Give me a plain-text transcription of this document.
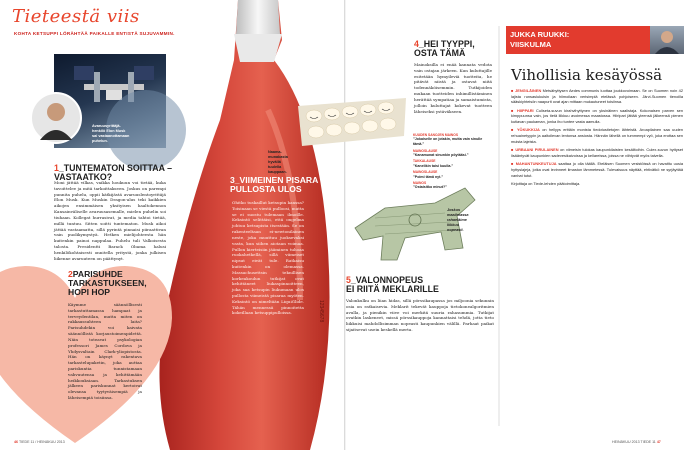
12345678
Tieteestä viis
KOHTA KETSUPPI LÖRÄHTÄÄ PAIKALLE ENTISTÄ SUJUVAMMIN.
Avaruusyrittäjä-
henkilö Elon Musk
sai vastaanottamaan
puhelun.
1_TUNTEMATON SOITTAA –
VASTAATKO?
Moni jättää vilkas, vaikka houkuun voi tietää, kuka tavoittelee ja mitä tarkoittakseen. Joskus on parempi punnita puhelu, oppii kätkijästä avaruuslentoyrittäjä Elon Musk. Kun Muskin Dragon-alus teki kaikkien aikojen ensimmäisen yksityisen haaltokennon Kansainväliselle avaruusasemalle, mielen puhelin soi tiuhaan. Kollegat hurrasivat, ja media tahtoi tietää, millä tuntuu. Sitten soitti tuntematon. Musk aikoi jättää vastaamatta, sillä pyrintä pinnaisi piiraattivan vain puolikymystyä. Hetken mielijohteesta hän kuitenkin painoi nappulaa. Puhelu tuli Valkoisesta talosta. Presidentti Barack Obama halusi henkilökohtaisesti onnitella yritystä, jonka julkisen liikenne avaruuteen on päättynyt.
2PARISUHDE
TARKASTUKSEEN,
HOPI HOP
Käymme säännöllisesti tarkastuttamassa hampaat ja terveydentilan, mutta miten on rakkaussuhteen laita? Parisuhdekin voi kaivata säännöllistä korjaustoimenpidettä. Näin toteavat psykologian professori James Cordova ja Yhdysvaltain Clark-yliopistosta. Hän on käynyt rakentava tarkastelupaketin, joka auttaa pariskuntia tunnistamaan vahvuutensa ja kehittämään heikkouksiaan. Tarkastuksen jälkeen pariskunnat kertoivat olevansa tyytyväisempiä ja läheisempiä toisiinsa.
3_VIIMEINEN PISARA
PULLOSTA ULOS
Ohitko tuskaillut ketsupin kanssa? Toisinaan se viestä pulloosi, mutta se ei suostu tulemaan ilmoille. Keksintö selittäisi, että ongelma johtuu ketsupista itsestään. Se on rakenteeltaan ei-newtonilainen neste, joka muuttuu juoksevaksi vasta, kun siihen aiotaan voimaa. Pullon kierteisiin jääminen tuhoaa ruokahetkellä, sillä viimeiset nipsut eivät tule. Ratkaisu kuitenkin on olemassa. Massachusettsin teknillisen korkeakoulun tutkijat ovat kehittäneet liukaspinnoitteen, joka saa ketsupin liukumaan ulos pullosta viimeistä pisaraa myöten. Keksintö on nimeltään LiquiGlide. Tähän mennessä pinnoitetta kokeillaan ketsuppipulloissa.
4_HEI TYYPPI,
OSTA TÄMÄ
Mainoksilla ei enää kannata vedota vain ostajan järkeen. Kun kuluttajille esitetään hymyileviä tuotteita, he pitävät niistä ja ostavat niitä todennäköisemmin. Tutkijoiden mukaan tuotteiden inhimillistäminen herättää sympatiaa ja samaistumista, jolloin kuluttajat kokevat tuotteen läheiseksi ystäväkseen.
Naama-
munakasta
hyvällä
tuulella
kauppaan.
KUUDEN SANOJEN MAINOS
”Jokaiselle on jotakin, mutta vain sinulle tämä.”
MAINOSLAUSE
”Kanamunat sinunkin pöytääsi.”
TAKKALAUSE
”Kanelikin taisi kuulla.”
MAINOSLAUSE
”Poimi tämä nyt.”
MAINOS
”Ostaisitko minut?”
Joskus
maailmassa
rahaeläime
liikkuu
nopeasti.
5_VALONNOPEUS
EI RIITÄ MEKLARILLE
Valonkulku on liian hidas, sillä pörssikaupassa jos miljoonia sekunnin osia on ratkaisevia. Meklarit tekevät kauppoja tietokonealgoritmien avulla, ja pienikin viive voi merkitä suuria rahasummia. Tutkijat ovatkin laskeneet, missä pörssikauppoja kannattaisi tehdä, jotta tieto liikkuisi mahdollisimman nopeasti kaupunkien välillä. Parhaat paikat sijaitsevat usein keskellä merta.
JUKKA RUUKKI:
VIISKULMA
Vihollisia kesäyössä

■ JENGILÄINEN Metsähyttysen Aedes communis luottaa joukkovoimaan. Se on Suomen noin 42 lajista runsaslukuisin ja hiimoilaan verisimpiä etelässä pohjoiseen. Järvi-Suomen tienoilla sääskiyhteisön naapurit ovat ajan mittaan mukautuneet toisiinsa.

■ HIIPPARI Culiseta-suvun kirahvihyttynen on yksinäinen saalistaja. Kokonaisen parven sen kimppuunsa vain, jos tietä liikkuu avoimessa maastossa. Hiiripari jättää yleensä jälkeensä pienen kutiavan paukaman, jonka iho tuntee vasta aamulla.

■ YÖKUKKIJA on hellyys erittäin monista tiedotustietojen lähteistä. Aroapilainen saa uuden rehuainetyypin ja aaltoilevan lentonsa ansiosta. Hännän lähellä on tummempi vyö, joka erottaa sen muista lajeista.

■ URBAANI PIRULAINEN on viimeisin tulokas kaupunkilaisten kesäiltoihin. Culex-suvun hyttyset lisääntyvät kaupunkien sadevesikaivoissa ja kellareissa, joissa ne viihtyvät myös talvella.

■ MAHANTUNKEUTUJA saattaa jo olla täällä. Eteläisen Suomen vesistöissä on havaittu uusia hyttyslajeja, jotka ovat levinneet ilmaston lämmetessä. Tulevaisuus näyttää, ehtivätkö ne syrjäyttää vanhat tutut.

Kirjoittaja on Tiede-lehden päätoimittaja.

46 TIEDE 11 / HEINÄKUU 2013	HEINÄKUU 2013 TIEDE 11 47
